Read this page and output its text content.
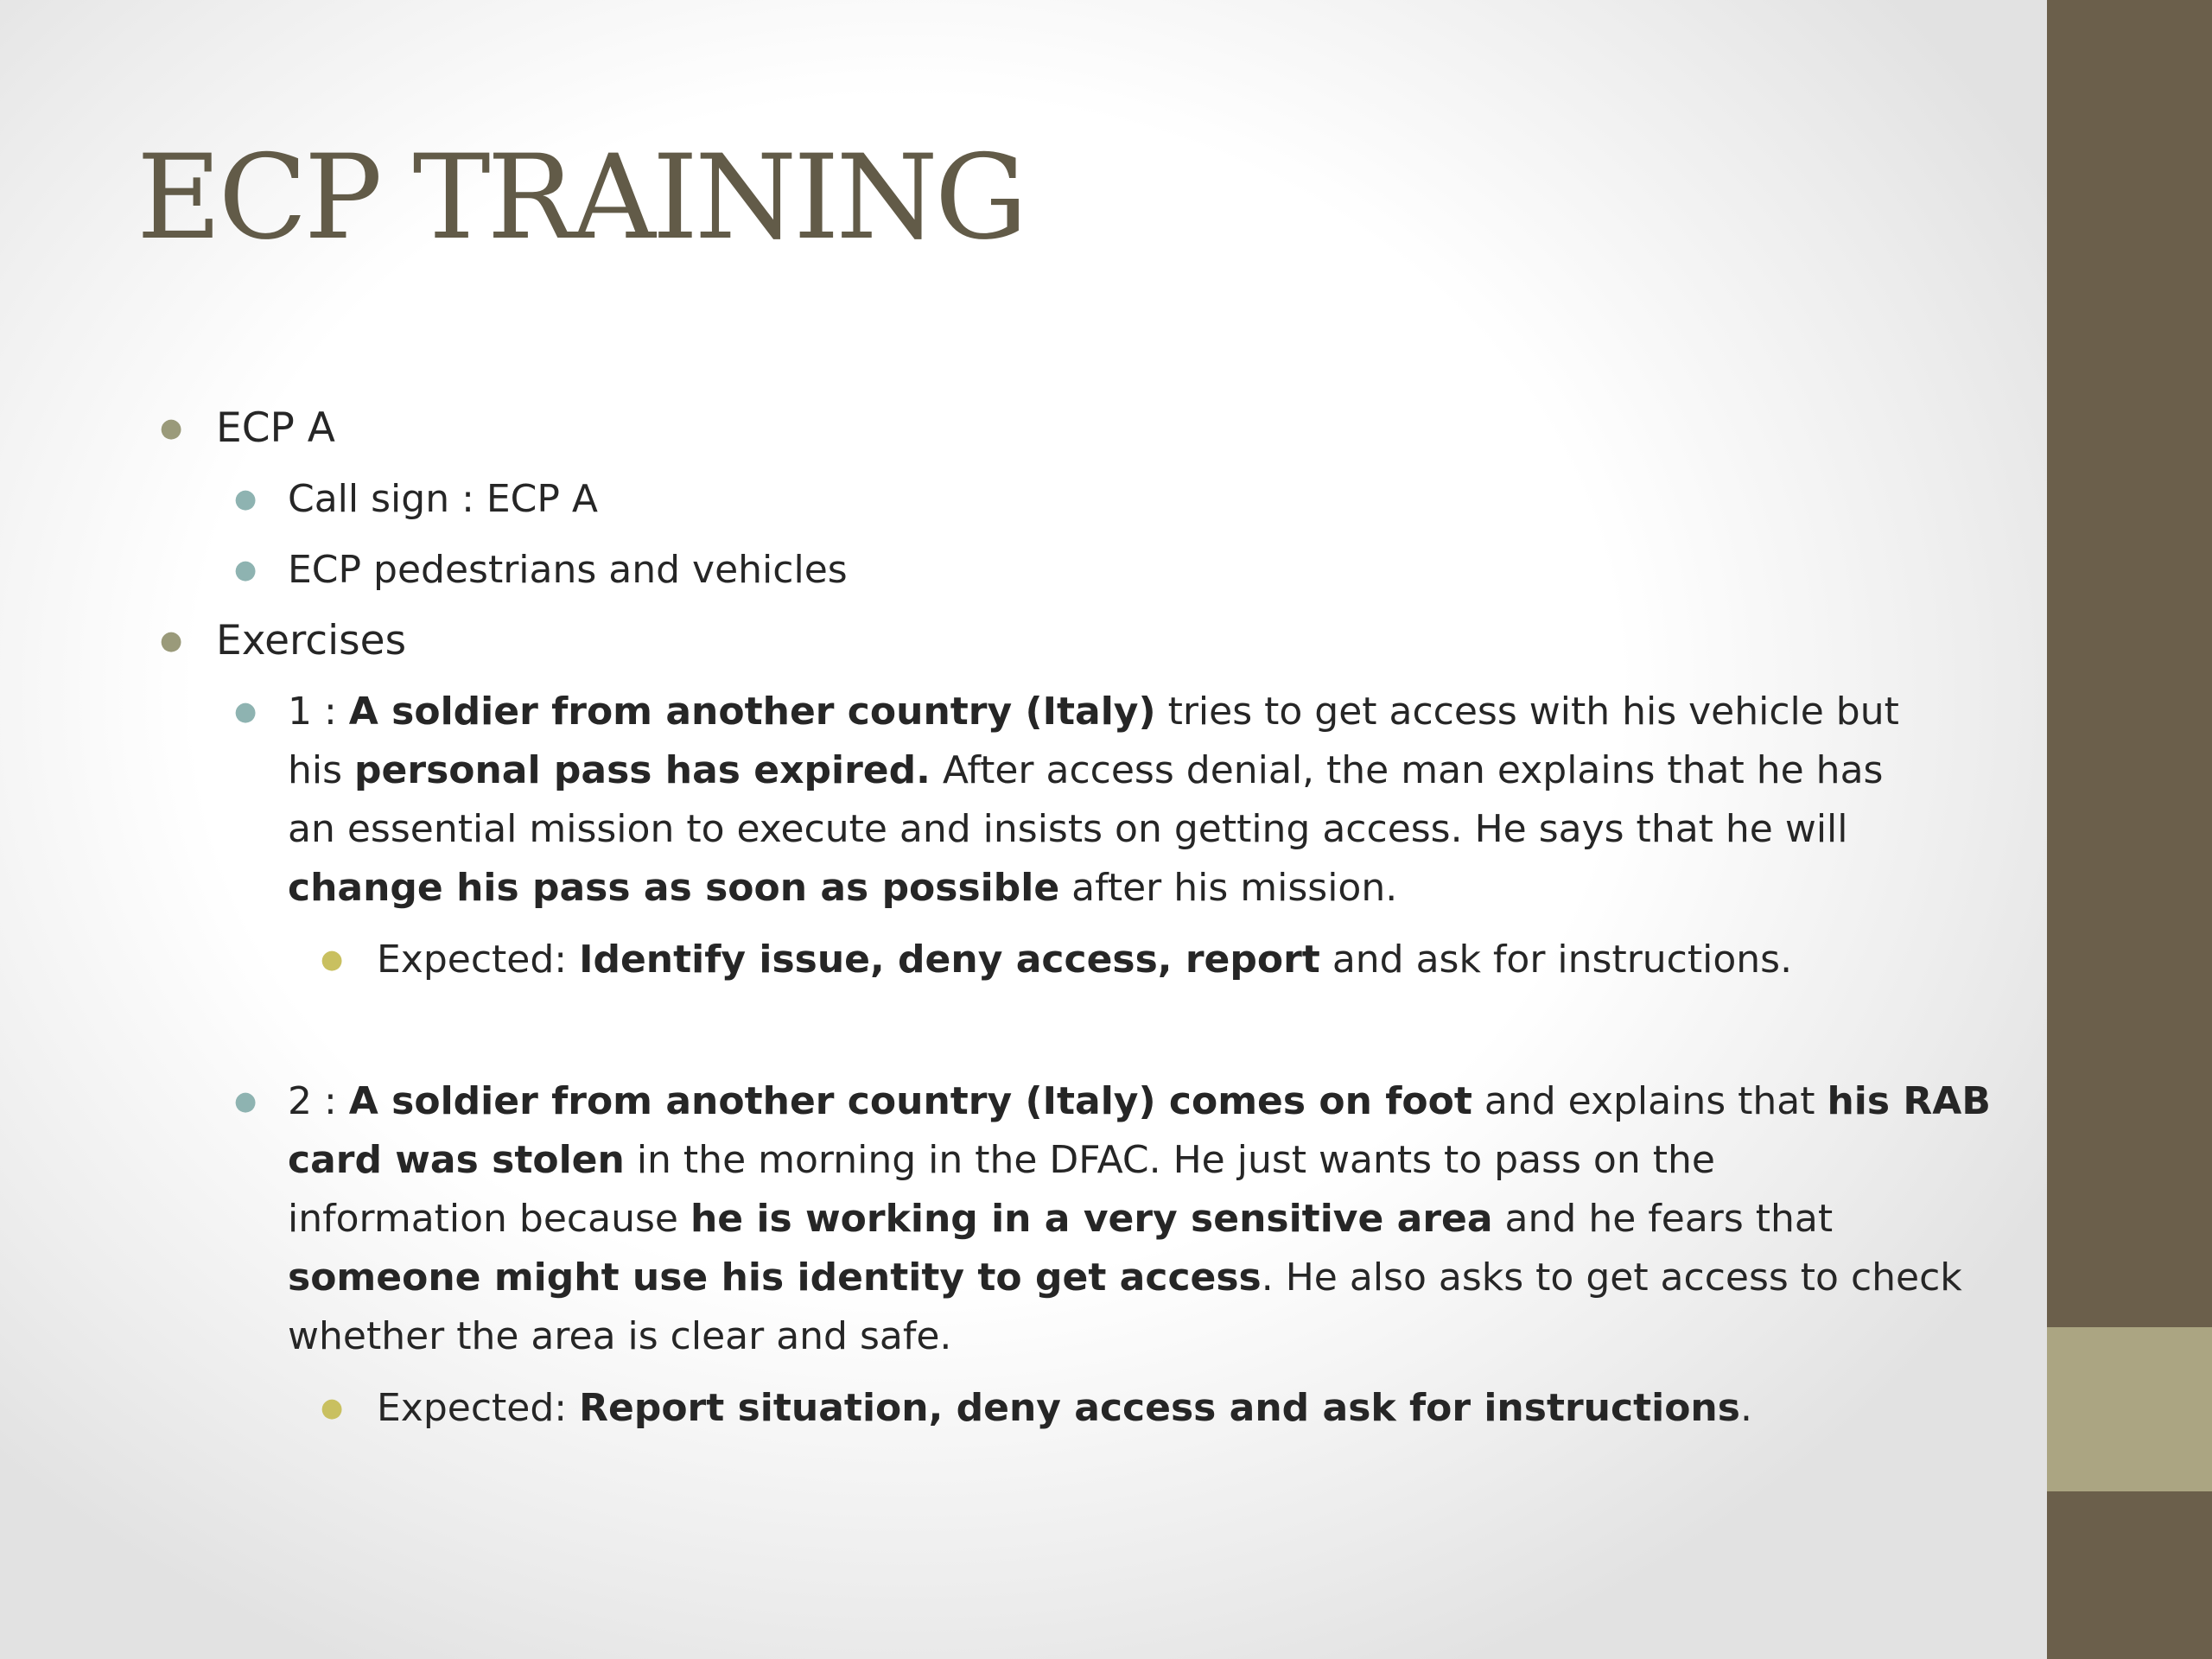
ECP TRAINING
● ECP A
● Call sign : ECP A
● ECP pedestrians and vehicles
● Exercises
● 1 : A soldier from another country (Italy) tries to get access with his vehicle but
his personal pass has expired. After access denial, the man explains that he has
an essential mission to execute and insists on getting access. He says that he will
change his pass as soon as possible after his mission.
● Expected: Identify issue, deny access, report and ask for instructions.
● 2 : A soldier from another country (Italy) comes on foot and explains that his RAB
card was stolen in the morning in the DFAC. He just wants to pass on the
information because he is working in a very sensitive area and he fears that
someone might use his identity to get access. He also asks to get access to check
whether the area is clear and safe.
● Expected: Report situation, deny access and ask for instructions.
